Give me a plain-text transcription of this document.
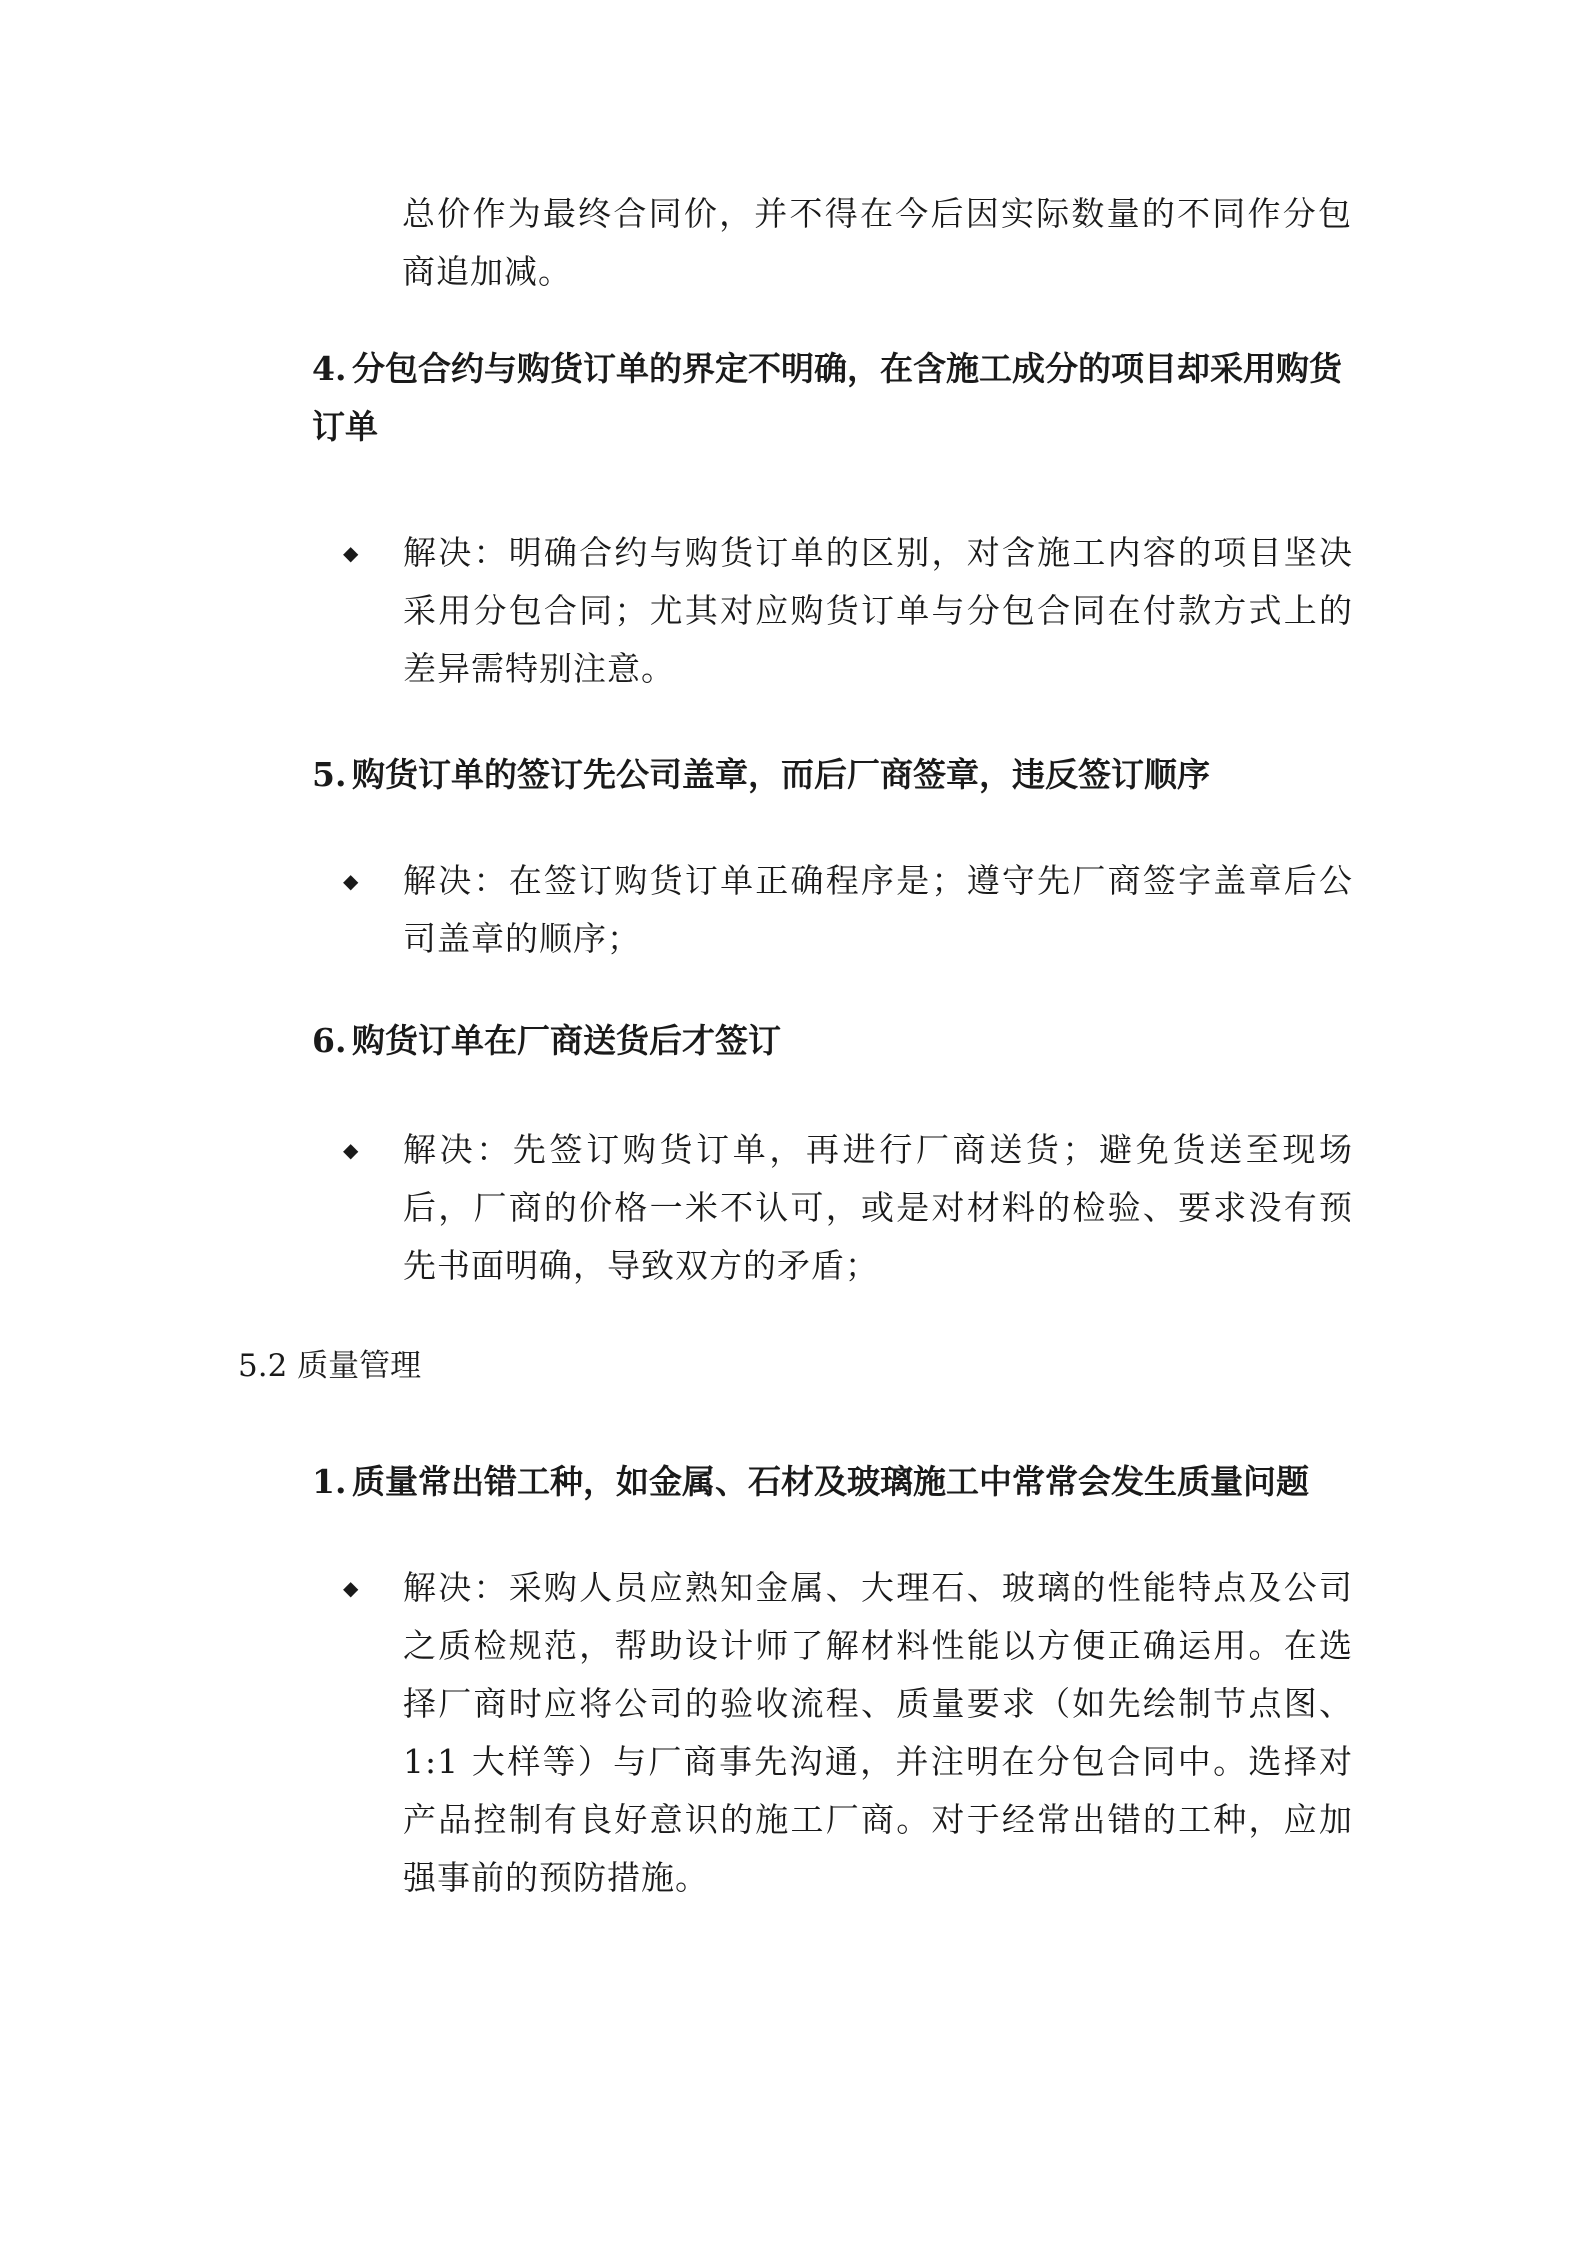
总价作为最终合同价，并不得在今后因实际数量的不同作分包商追加减。

4. 分包合约与购货订单的界定不明确，在含施工成分的项目却采用购货订单
◆	解决：明确合约与购货订单的区别，对含施工内容的项目坚决采用分包合同；尤其对应购货订单与分包合同在付款方式上的差异需特别注意。

5. 购货订单的签订先公司盖章，而后厂商签章，违反签订顺序
◆	解决：在签订购货订单正确程序是；遵守先厂商签字盖章后公司盖章的顺序；

6. 购货订单在厂商送货后才签订
◆	解决：先签订购货订单，再进行厂商送货；避免货送至现场后，厂商的价格一米不认可，或是对材料的检验、要求没有预先书面明确，导致双方的矛盾；

5.2 质量管理

1. 质量常出错工种，如金属、石材及玻璃施工中常常会发生质量问题
◆	解决：采购人员应熟知金属、大理石、玻璃的性能特点及公司之质检规范，帮助设计师了解材料性能以方便正确运用。在选择厂商时应将公司的验收流程、质量要求（如先绘制节点图、1:1 大样等）与厂商事先沟通，并注明在分包合同中。选择对产品控制有良好意识的施工厂商。对于经常出错的工种，应加强事前的预防措施。
